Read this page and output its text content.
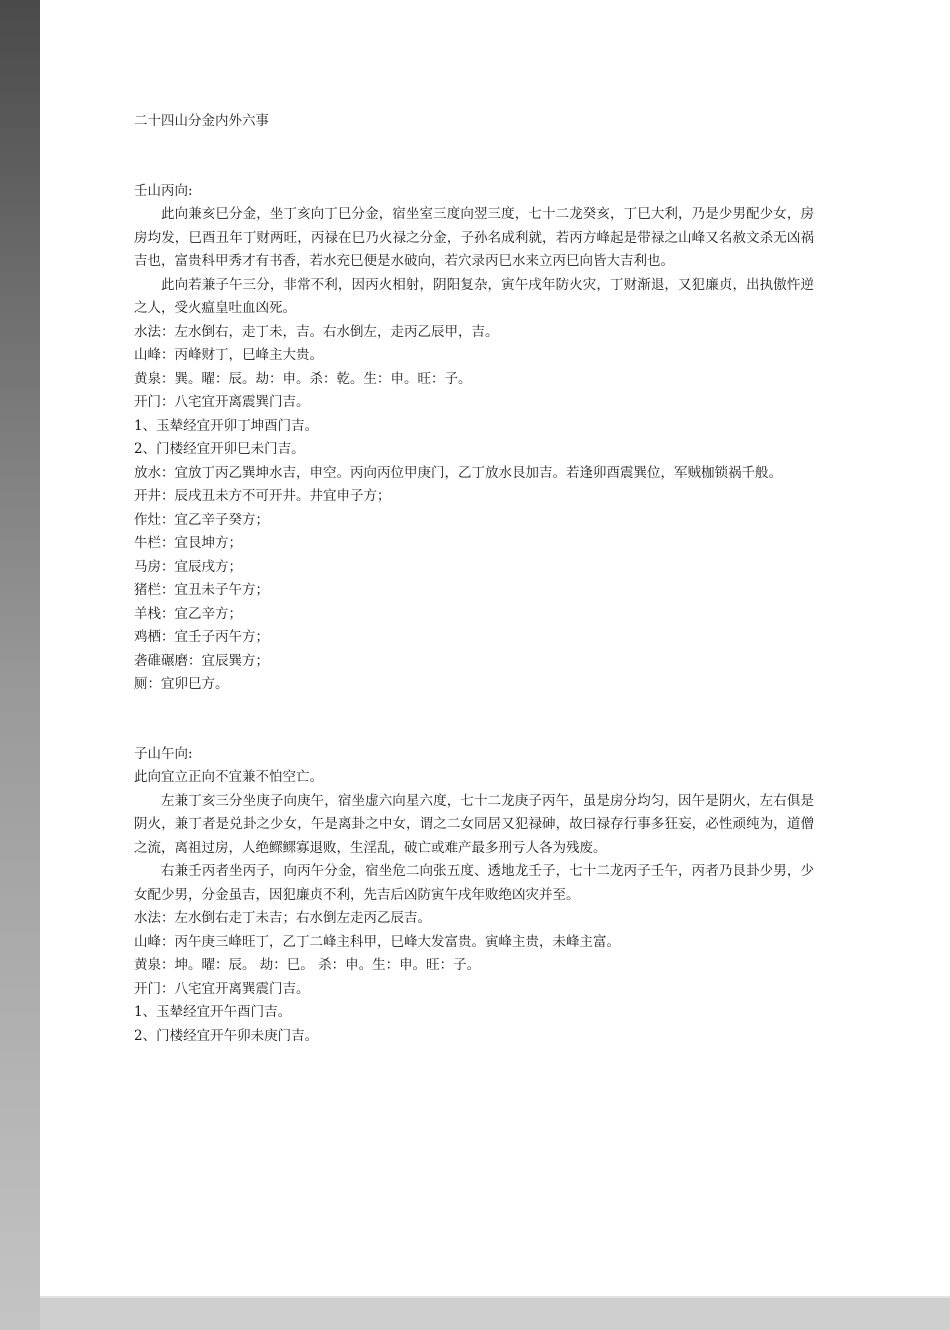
二十四山分金内外六事

壬山丙向:

此向兼亥巳分金，坐丁亥向丁巳分金，宿坐室三度向翌三度，七十二龙癸亥，丁巳大利，乃是少男配少女，房房均发，巳酉丑年丁财两旺，丙禄在巳乃火禄之分金，子孙名成利就，若丙方峰起是带禄之山峰又名赦文杀无凶祸吉也，富贵科甲秀才有书香，若水充巳便是水破向，若穴录丙巳水来立丙巳向皆大吉利也。

此向若兼子午三分，非常不利，因丙火相射，阴阳复杂，寅午戌年防火灾，丁财渐退，又犯廉贞，出执傲忤逆之人，受火瘟皇吐血凶死。

水法：左水倒右，走丁未，吉。右水倒左，走丙乙辰甲，吉。

山峰：丙峰财丁，巳峰主大贵。

黄泉：巽。曜：辰。劫：申。杀：乾。生：申。旺：子。

开门：八宅宜开离震巽门吉。

1、玉辇经宜开卯丁坤酉门吉。

2、门楼经宜开卯巳未门吉。

放水：宜放丁丙乙巽坤水吉，申空。丙向丙位甲庚门，乙丁放水艮加吉。若逢卯酉震巽位，军贼枷锁祸千般。

开井：辰戌丑未方不可开井。井宜申子方；

作灶：宜乙辛子癸方；

牛栏：宜艮坤方；

马房：宜辰戌方；

猪栏：宜丑未子午方；

羊栈：宜乙辛方；

鸡栖：宜壬子丙午方；

砻碓碾磨：宜辰巽方；

厕：宜卯巳方。

子山午向:

此向宜立正向不宜兼不怕空亡。

左兼丁亥三分坐庚子向庚午，宿坐虚六向星六度，七十二龙庚子丙午，虽是房分均匀，因午是阴火，左右俱是阴火，兼丁者是兑卦之少女，午是离卦之中女，谓之二女同居又犯禄砷，故曰禄存行事多狂妄，必性顽纯为，道僧之流，离祖过房，人绝鳏鳏寡退败，生淫乱，破亡或难产最多刑亏人各为残废。

右兼壬丙者坐丙子，向丙午分金，宿坐危二向张五度、透地龙壬子，七十二龙丙子壬午，丙者乃艮卦少男，少女配少男，分金虽吉，因犯廉贞不利，先吉后凶防寅午戌年败绝凶灾并至。

水法：左水倒右走丁未吉；右水倒左走丙乙辰吉。

山峰：丙午庚三峰旺丁，乙丁二峰主科甲，巳峰大发富贵。寅峰主贵，未峰主富。

黄泉：坤。曜：辰。 劫：巳。 杀：申。生：申。旺：子。

开门：八宅宜开离巽震门吉。

1、玉辇经宜开午酉门吉。

2、门楼经宜开午卯未庚门吉。
